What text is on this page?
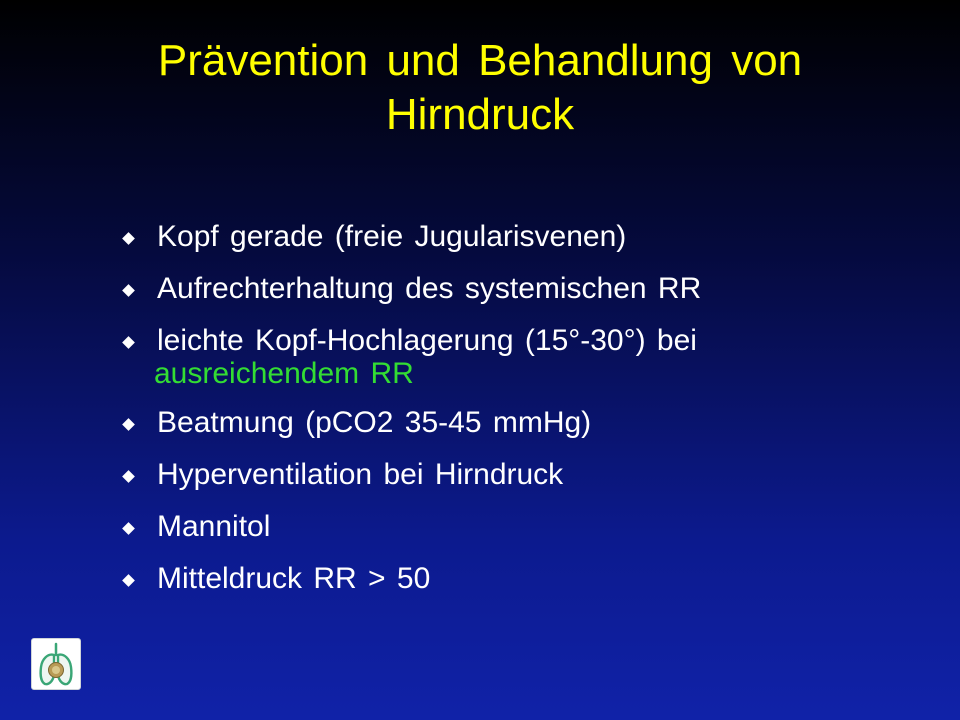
Prävention und Behandlung von
Hirndruck
Kopf gerade (freie Jugularisvenen)
Aufrechterhaltung des systemischen RR
leichte Kopf-Hochlagerung (15°-30°) bei
ausreichendem RR
Beatmung (pCO2 35-45 mmHg)
Hyperventilation bei Hirndruck
Mannitol
Mitteldruck RR > 50
